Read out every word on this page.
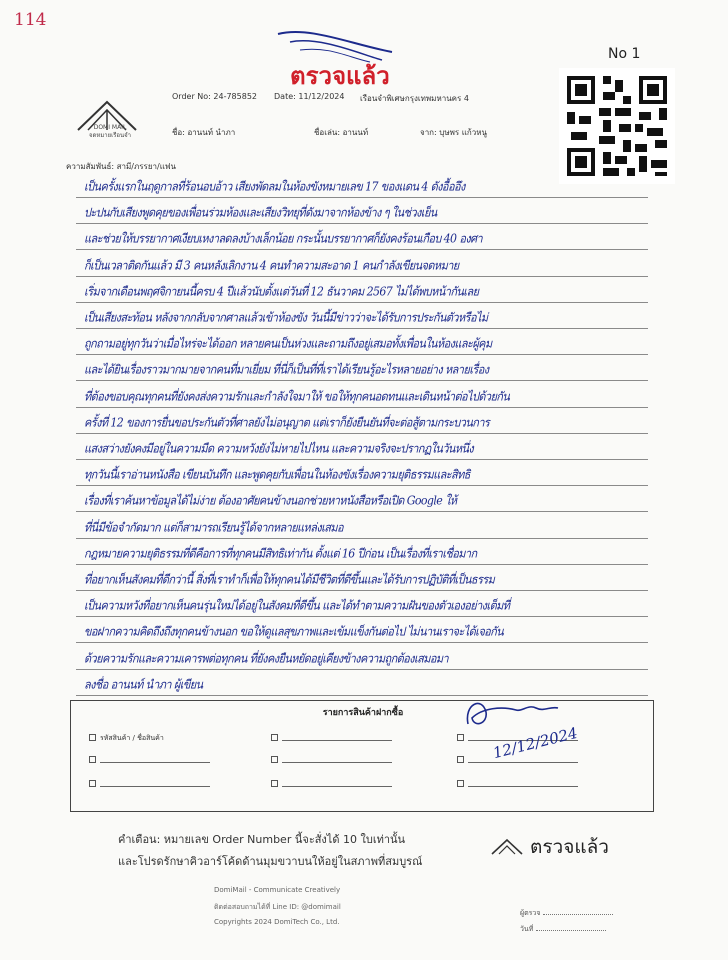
114
ตรวจแล้ว
No 1
DOMI MAIL
จดหมายเรือนจำ
Order No: 24-785852 Date: 11/12/2024 เรือนจำพิเศษกรุงเทพมหานคร 4
ชื่อ: อานนท์ นำภา	ชื่อเล่น: อานนท์	จาก: บุษพร แก้วหนู
ความสัมพันธ์: สามี/ภรรยา/แฟน
เป็นครั้งแรกในฤดูกาลที่ร้อนอบอ้าว เสียงพัดลมในห้องขังหมายเลข 17 ของแดน 4 ดังอื้ออึง
ปะปนกับเสียงพูดคุยของเพื่อนร่วมห้องและเสียงวิทยุที่ดังมาจากห้องข้าง ๆ ในช่วงเย็น
และช่วยให้บรรยากาศเงียบเหงาลดลงบ้างเล็กน้อย กระนั้นบรรยากาศก็ยังคงร้อนเกือบ 40 องศา
ก็เป็นเวลาติดกันแล้ว มี 3 คนหลังเลิกงาน 4 คนทำความสะอาด 1 คนกำลังเขียนจดหมาย
เริ่มจากเดือนพฤศจิกายนนี้ครบ 4 ปีแล้วนับตั้งแต่วันที่ 12 ธันวาคม 2567 ไม่ได้พบหน้ากันเลย
เป็นเสียงสะท้อน หลังจากกลับจากศาลแล้วเข้าห้องขัง วันนี้มีข่าวว่าจะได้รับการประกันตัวหรือไม่
ถูกถามอยู่ทุกวันว่าเมื่อไหร่จะได้ออก หลายคนเป็นห่วงและถามถึงอยู่เสมอทั้งเพื่อนในห้องและผู้คุม
และได้ยินเรื่องราวมากมายจากคนที่มาเยี่ยม ที่นี่ก็เป็นที่ที่เราได้เรียนรู้อะไรหลายอย่าง หลายเรื่อง
ที่ต้องขอบคุณทุกคนที่ยังคงส่งความรักและกำลังใจมาให้ ขอให้ทุกคนอดทนและเดินหน้าต่อไปด้วยกัน
ครั้งที่ 12 ของการยื่นขอประกันตัวที่ศาลยังไม่อนุญาต แต่เราก็ยังยืนยันที่จะต่อสู้ตามกระบวนการ
แสงสว่างยังคงมีอยู่ในความมืด ความหวังยังไม่หายไปไหน และความจริงจะปรากฏในวันหนึ่ง
ทุกวันนี้เราอ่านหนังสือ เขียนบันทึก และพูดคุยกับเพื่อนในห้องขังเรื่องความยุติธรรมและสิทธิ
เรื่องที่เราค้นหาข้อมูลได้ไม่ง่าย ต้องอาศัยคนข้างนอกช่วยหาหนังสือหรือเปิด Google ให้
ที่นี่มีข้อจำกัดมาก แต่ก็สามารถเรียนรู้ได้จากหลายแหล่งเสมอ
กฎหมายความยุติธรรมที่ดีคือการที่ทุกคนมีสิทธิเท่ากัน ตั้งแต่ 16 ปีก่อน เป็นเรื่องที่เราเชื่อมาก
ที่อยากเห็นสังคมที่ดีกว่านี้ สิ่งที่เราทำก็เพื่อให้ทุกคนได้มีชีวิตที่ดีขึ้นและได้รับการปฏิบัติที่เป็นธรรม
เป็นความหวังที่อยากเห็นคนรุ่นใหม่ได้อยู่ในสังคมที่ดีขึ้น และได้ทำตามความฝันของตัวเองอย่างเต็มที่
ขอฝากความคิดถึงถึงทุกคนข้างนอก ขอให้ดูแลสุขภาพและเข้มแข็งกันต่อไป ไม่นานเราจะได้เจอกัน
ด้วยความรักและความเคารพต่อทุกคน ที่ยังคงยืนหยัดอยู่เคียงข้างความถูกต้องเสมอมา
ลงชื่อ อานนท์ นำภา ผู้เขียน
รายการสินค้าฝากซื้อ
รหัสสินค้า / ชื่อสินค้า	12/12/2024
คำเตือน: หมายเลข Order Number นี้จะสั่งได้ 10 ใบเท่านั้น
และโปรดรักษาคิวอาร์โค้ดด้านมุมขวาบนให้อยู่ในสภาพที่สมบูรณ์
ตรวจแล้ว
DomiMail - Communicate Creatively
ติดต่อสอบถามได้ที่ Line ID: @domimail
Copyrights 2024 DomiTech Co., Ltd.
ผู้ตรวจ
วันที่
